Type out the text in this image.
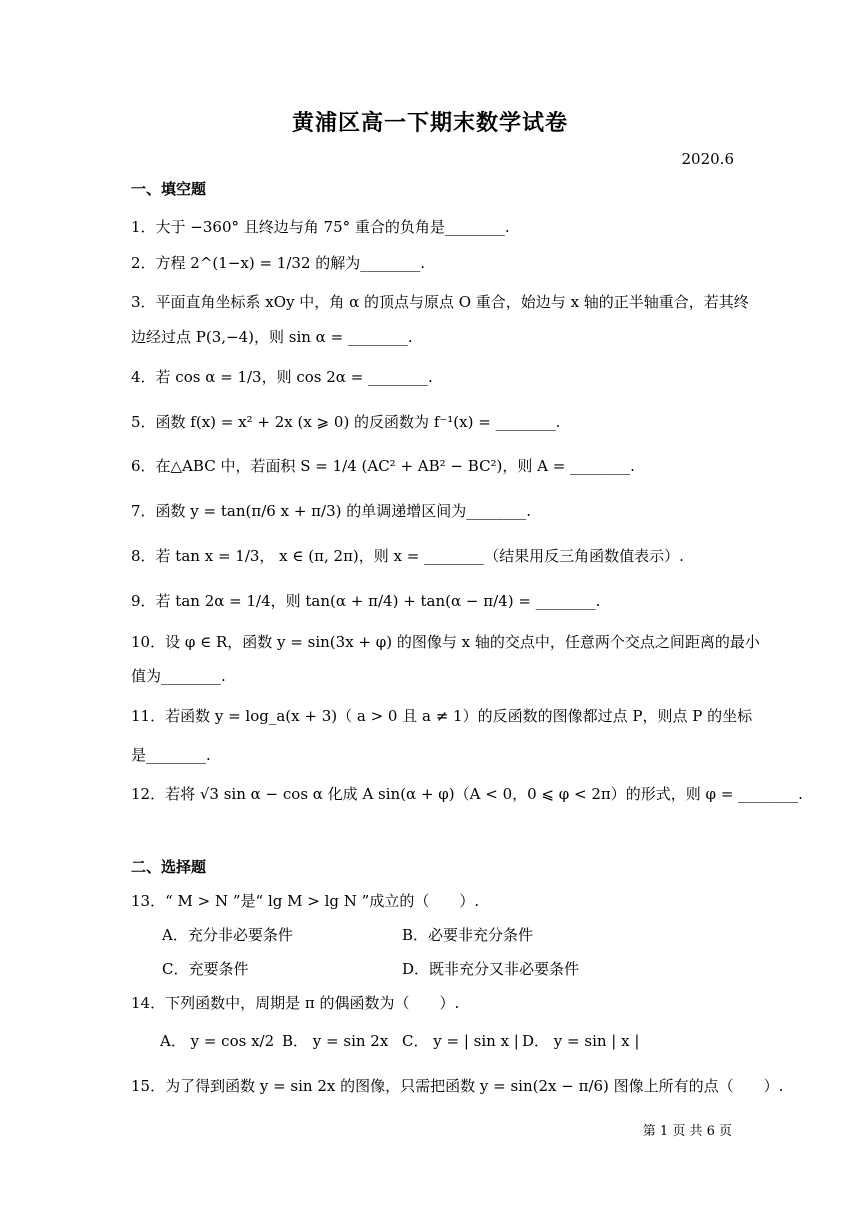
黄浦区高一下期末数学试卷
2020.6
一、填空题
1．大于 −360° 且终边与角 75° 重合的负角是________.
2．方程 2^(1−x) = 1/32 的解为________.
3．平面直角坐标系 xOy 中，角 α 的顶点与原点 O 重合，始边与 x 轴的正半轴重合，若其终
边经过点 P(3,−4)，则 sin α = ________.
4．若 cos α = 1/3，则 cos 2α = ________.
5．函数 f(x) = x² + 2x (x ⩾ 0) 的反函数为 f⁻¹(x) = ________.
6．在△ABC 中，若面积 S = 1/4 (AC² + AB² − BC²)，则 A = ________.
7．函数 y = tan(π/6 x + π/3) 的单调递增区间为________.
8．若 tan x = 1/3， x ∈ (π, 2π)，则 x = ________（结果用反三角函数值表示）.
9．若 tan 2α = 1/4，则 tan(α + π/4) + tan(α − π/4) = ________.
10．设 φ ∈ R，函数 y = sin(3x + φ) 的图像与 x 轴的交点中，任意两个交点之间距离的最小
值为________.
11．若函数 y = log_a(x + 3)（ a > 0 且 a ≠ 1）的反函数的图像都过点 P，则点 P 的坐标
是________.
12．若将 √3 sin α − cos α 化成 A sin(α + φ)（A < 0，0 ⩽ φ < 2π）的形式，则 φ = ________.
二、选择题
13．“ M > N ”是“ lg M > lg N ”成立的（　　）.
A．充分非必要条件	B．必要非充分条件
C．充要条件	D．既非充分又非必要条件
14．下列函数中，周期是 π 的偶函数为（　　）.
A． y = cos x/2 B． y = sin 2x C． y = | sin x | D． y = sin | x |
15．为了得到函数 y = sin 2x 的图像，只需把函数 y = sin(2x − π/6) 图像上所有的点（　　）.
第 1 页 共 6 页
